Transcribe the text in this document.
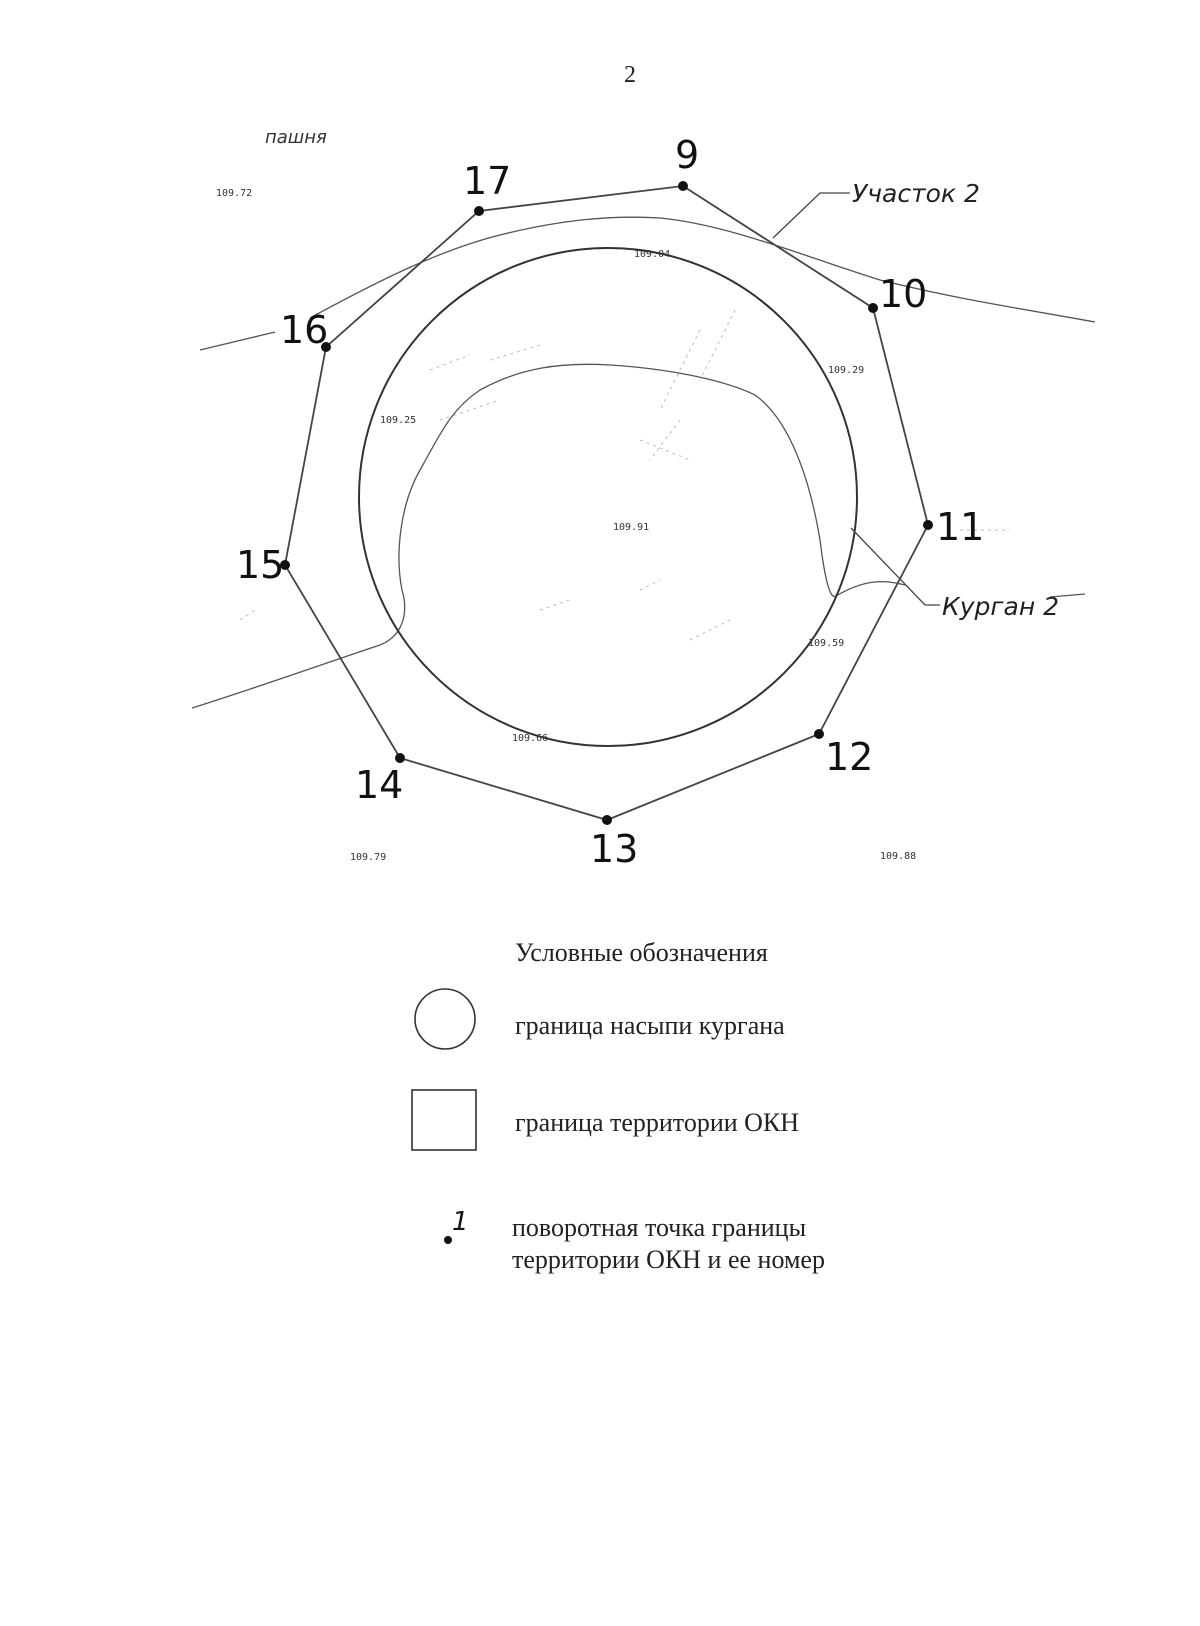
2
17
9
10
11
12
13
14
15
16
пашня
Участок 2
Курган 2
109.72
109.04
109.29
109.25
109.91
109.59
109.66
109.79	109.88
Условные обозначения
граница насыпи кургана
граница территории ОКН
1 поворотная точка границы
территории ОКН и ее номер
